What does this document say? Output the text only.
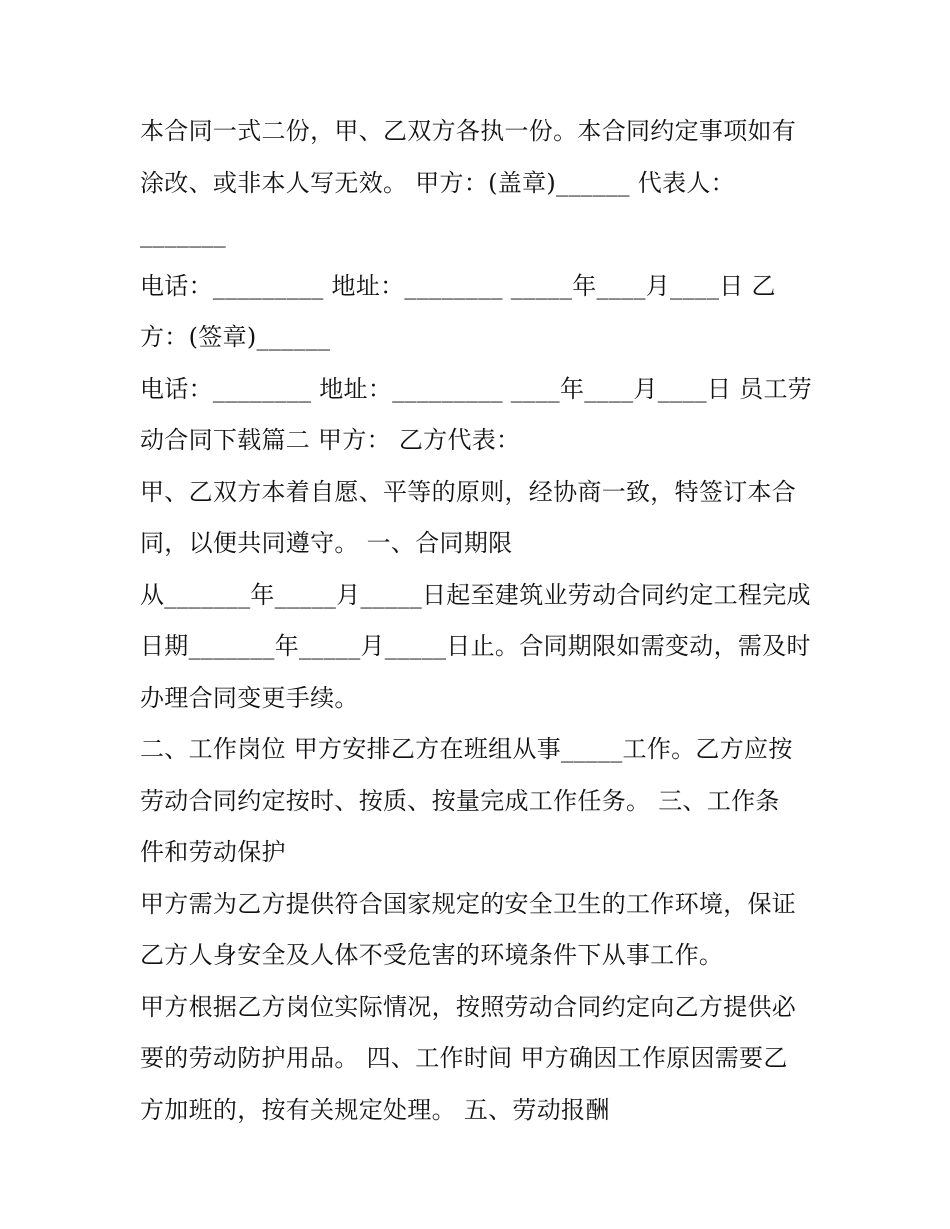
本合同一式二份，甲、乙双方各执一份。本合同约定事项如有
涂改、或非本人写无效。 甲方：(盖章)______ 代表人：
_______
电话：_________ 地址：________ _____年____月____日 乙
方：(签章)______
电话：________ 地址：_________ ____年____月____日 员工劳
动合同下载篇二 甲方： 乙方代表：
甲、乙双方本着自愿、平等的原则，经协商一致，特签订本合
同，以便共同遵守。 一、合同期限
从_______年_____月_____日起至建筑业劳动合同约定工程完成
日期_______年_____月_____日止。合同期限如需变动，需及时
办理合同变更手续。
二、工作岗位 甲方安排乙方在班组从事_____工作。乙方应按
劳动合同约定按时、按质、按量完成工作任务。 三、工作条
件和劳动保护
甲方需为乙方提供符合国家规定的安全卫生的工作环境，保证
乙方人身安全及人体不受危害的环境条件下从事工作。
甲方根据乙方岗位实际情况，按照劳动合同约定向乙方提供必
要的劳动防护用品。 四、工作时间 甲方确因工作原因需要乙
方加班的，按有关规定处理。 五、劳动报酬
